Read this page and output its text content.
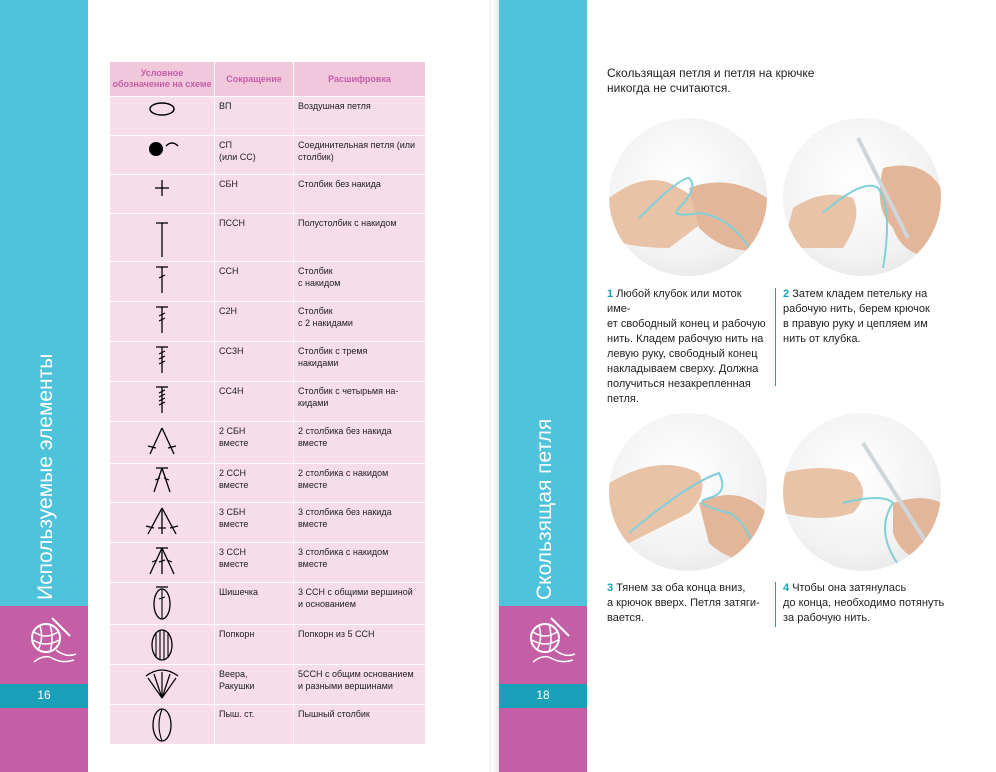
Используемые элементы
16
Условное обозначение на схеме	Сокращение	Расшифровка

	ВП	Воздушная петля

	СП
(или СС)	Соединительная петля (или столбик)

	СБН	Столбик без накида

	ПССН	Полустолбик с накидом

	ССН	Столбик
с накидом

	С2Н	Столбик
с 2 накидами

	СС3Н	Столбик с тремя
накидами

	СС4Н	Столбик с четырьмя на-
кидами

	2 СБН
вместе	2 столбика без накида
вместе

	2 ССН
вместе	2 столбика с накидом
вместе

	3 СБН
вместе	3 столбика без накида
вместе

	3 ССН
вместе	3 столбика с накидом
вместе

	Шишечка	3 ССН с общими вершиной
и основанием

	Попкорн	Попкорн из 5 ССН

	Веера,
Ракушки	5ССН с общим основанием
и разными вершинами

	Пыш. ст.	Пышный столбик
Скользящая петля
18
Скользящая петля и петля на крючке
никогда не считаются.
1 Любой клубок или моток име-
ет свободный конец и рабочую
нить. Кладем рабочую нить на
левую руку, свободный конец
накладываем сверху. Должна
получиться незакрепленная
петля.
2 Затем кладем петельку на
рабочую нить, берем крючок
в правую руку и цепляем им
нить от клубка.
3 Тянем за оба конца вниз,
а крючок вверх. Петля затяги-
вается.
4 Чтобы она затянулась
до конца, необходимо потянуть
за рабочую нить.
